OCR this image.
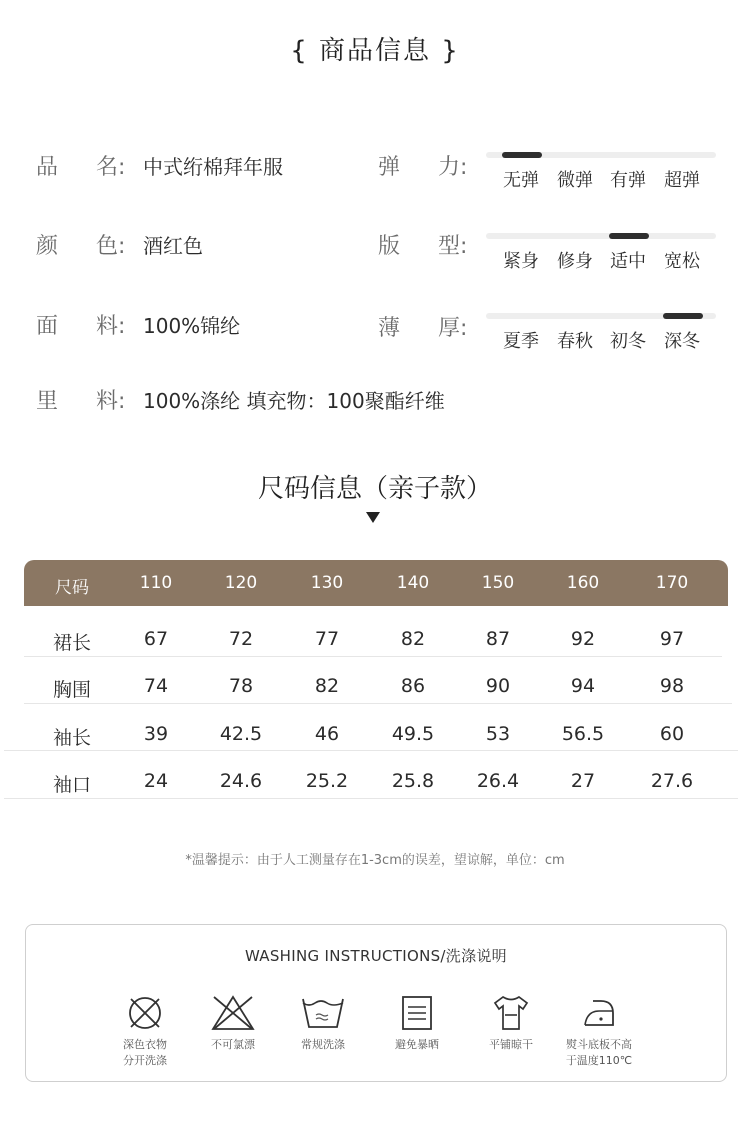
{ 商品信息 }
品 名: 中式绗棉拜年服
颜 色: 酒红色
面 料: 100%锦纶
里 料: 100%涤纶 填充物：100聚酯纤维
弹 力:
无弹	微弹 有弹	超弹
版 型:
紧身	修身 适中	宽松
薄 厚:
夏季	春秋 初冬	深冬
尺码信息（亲子款）
尺码	110	120	130	140	150	160	170
裙长	67	72	77	82	87	92	97
胸围	74	78	82	86	90	94	98
袖长	39	42.5	46	49.5	53	56.5	60
袖口	24	24.6	25.2	25.8	26.4	27	27.6
*温馨提示：由于人工测量存在1-3cm的误差，望谅解，单位：cm
WASHING INSTRUCTIONS/洗涤说明
深色衣物
分开洗涤
不可氯漂	常规洗涤	避免暴晒	平铺晾干	熨斗底板不高
于温度110℃
